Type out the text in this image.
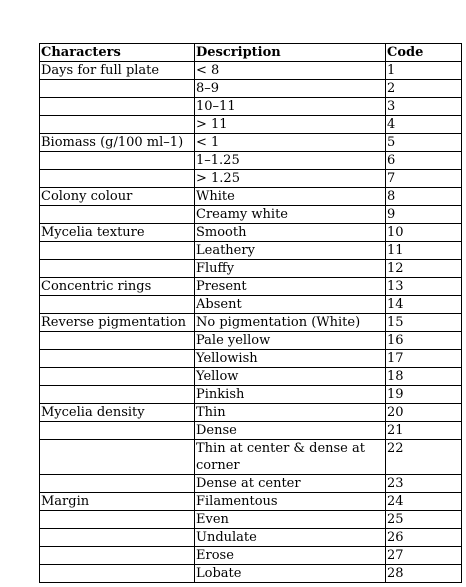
Characters	Description	Code
Days for full plate	< 8	1
	8–9	2
	10–11	3
	> 11	4
Biomass (g/100 ml–1)	< 1	5
	1–1.25	6
	> 1.25	7
Colony colour	White	8
	Creamy white	9
Mycelia texture	Smooth	10
	Leathery	11
	Fluffy	12
Concentric rings	Present	13
	Absent	14
Reverse pigmentation	No pigmentation (White)	15
	Pale yellow	16
	Yellowish	17
	Yellow	18
	Pinkish	19
Mycelia density	Thin	20
	Dense	21
	Thin at center & dense at corner	22
	Dense at center	23
Margin	Filamentous	24
	Even	25
	Undulate	26
	Erose	27
	Lobate	28
